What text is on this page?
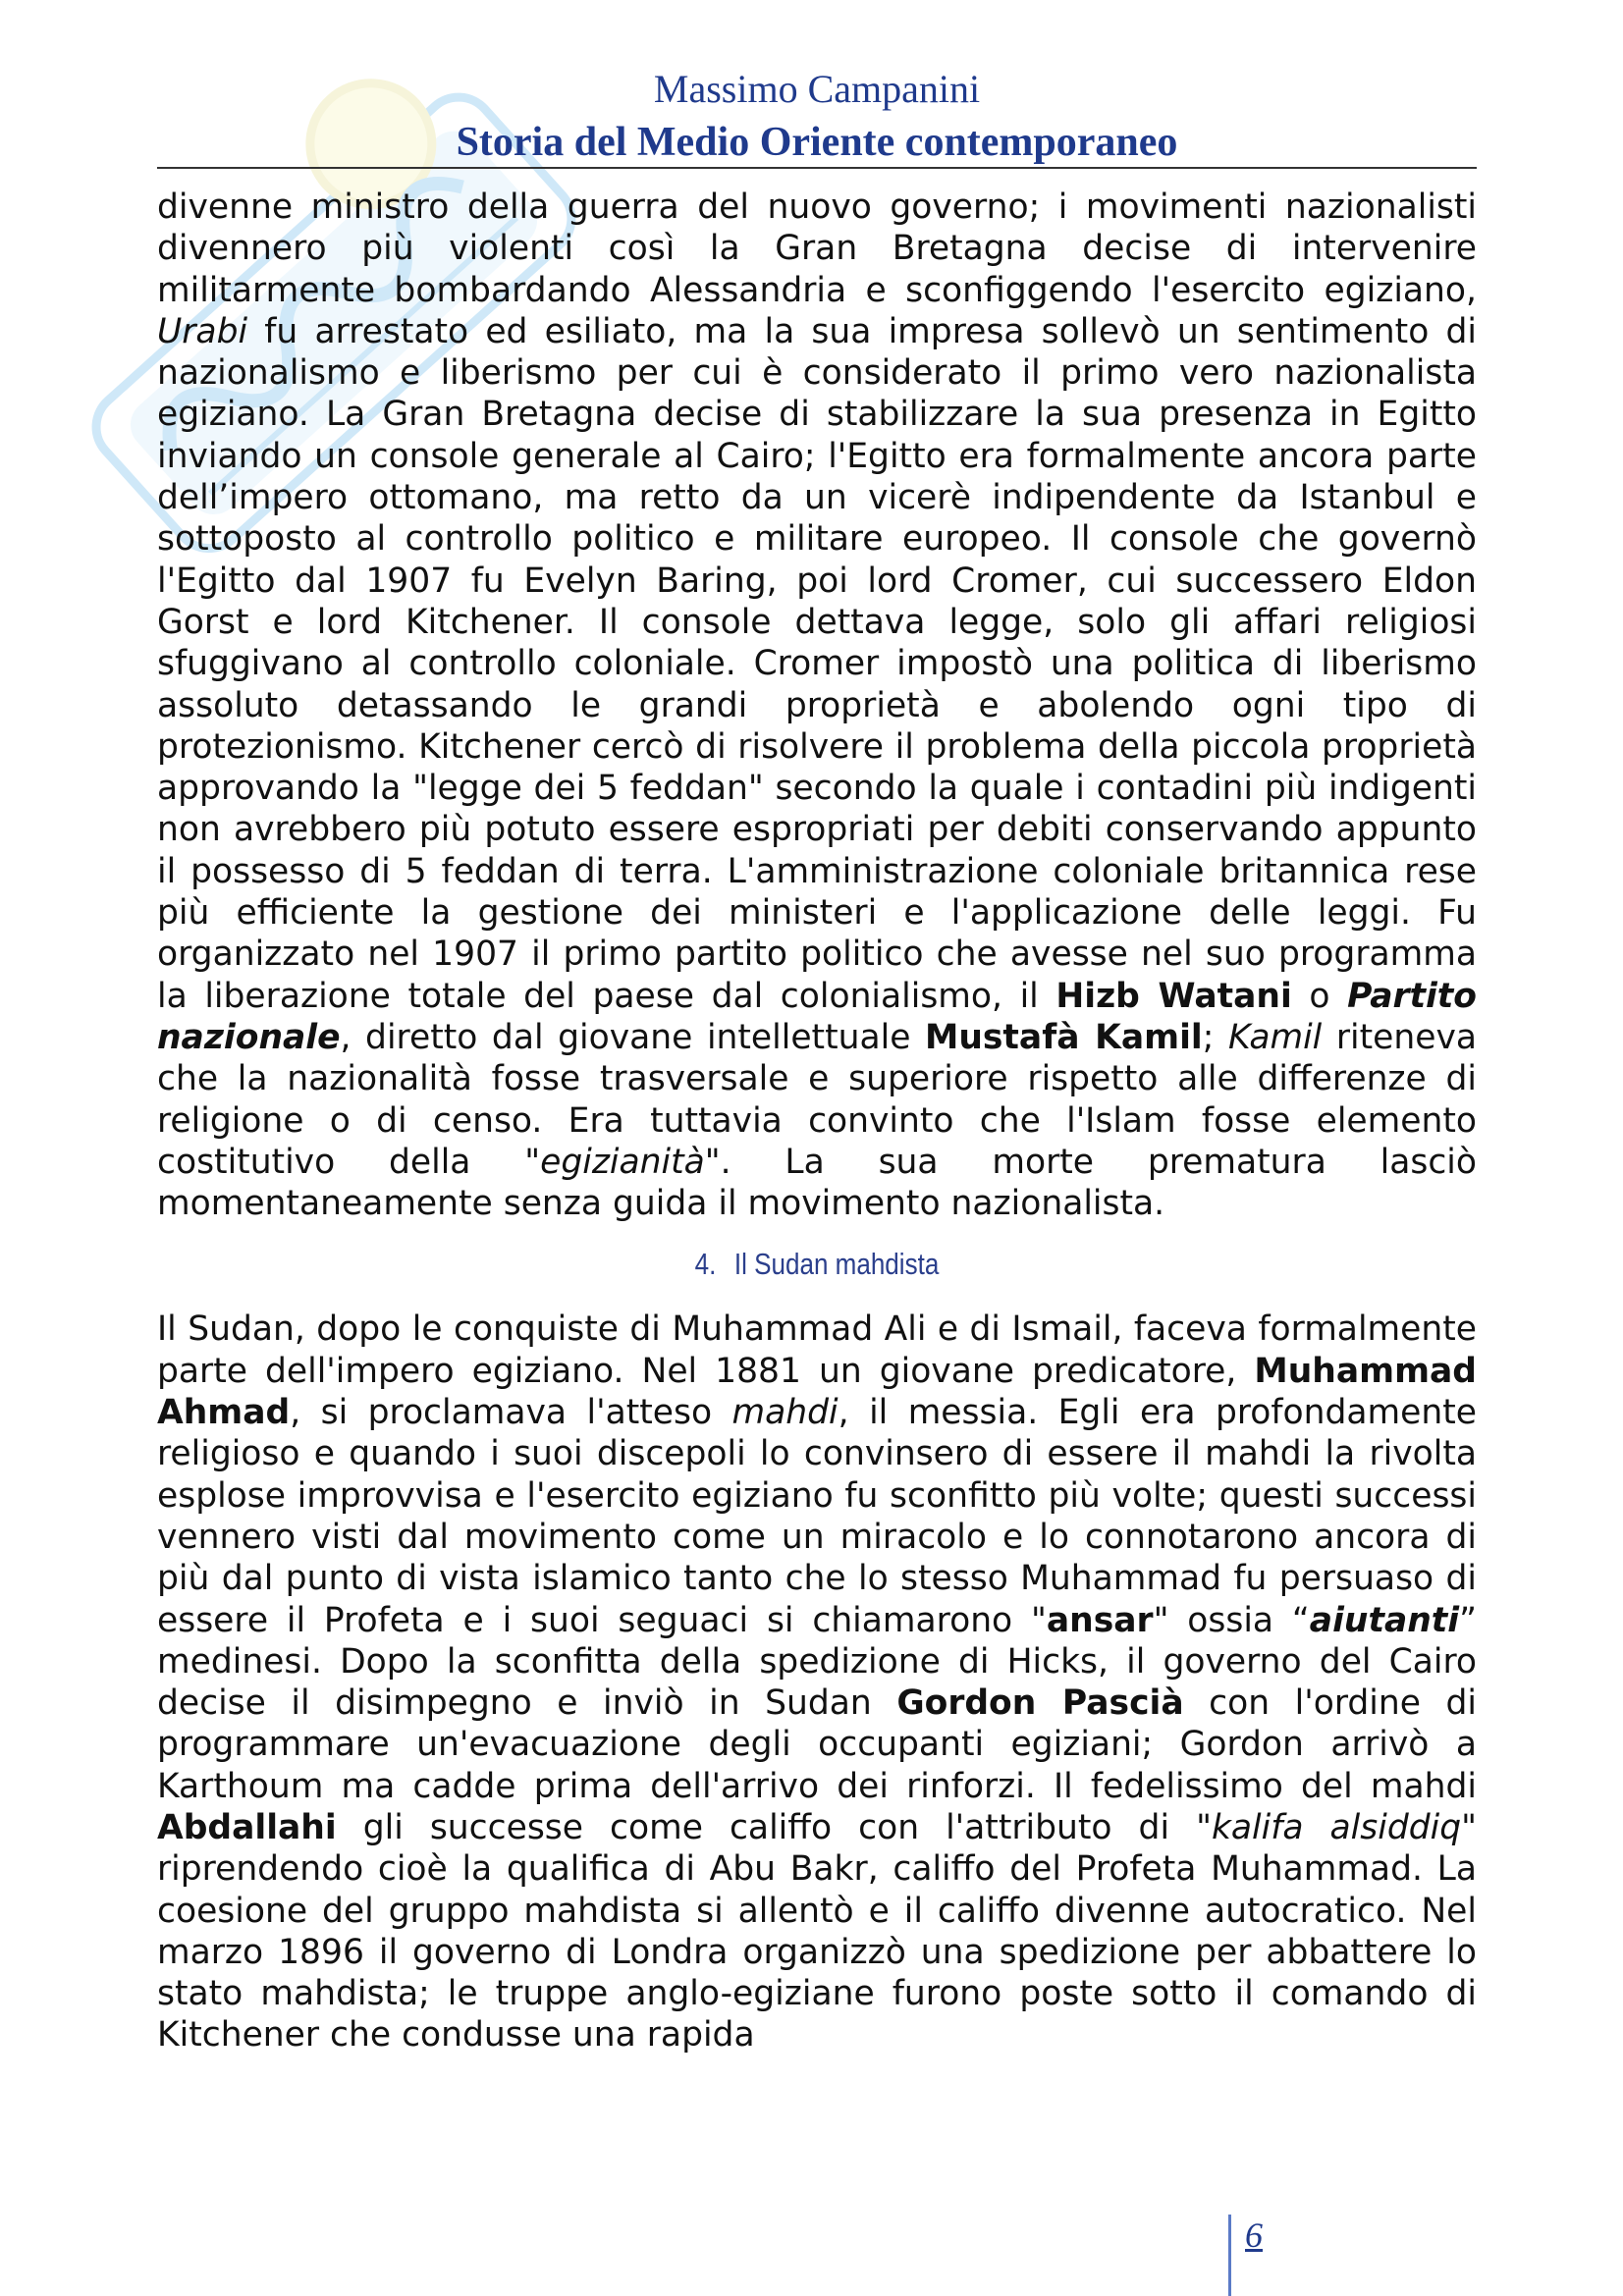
Massimo Campanini
Storia del Medio Oriente contemporaneo

divenne ministro della guerra del nuovo governo; i movimenti nazionalisti divennero più violenti così la Gran Bretagna decise di intervenire militarmente bombardando Alessandria e sconfiggendo l'esercito egiziano, Urabi fu arrestato ed esiliato, ma la sua impresa sollevò un sentimento di nazionalismo e liberismo per cui è considerato il primo vero nazionalista egiziano. La Gran Bretagna decise di stabilizzare la sua presenza in Egitto inviando un console generale al Cairo; l'Egitto era formalmente ancora parte dell’impero ottomano, ma retto da un vicerè indipendente da Istanbul e sottoposto al controllo politico e militare europeo. Il console che governò l'Egitto dal 1907 fu Evelyn Baring, poi lord Cromer, cui successero Eldon Gorst e lord Kitchener. Il console dettava legge, solo gli affari religiosi sfuggivano al controllo coloniale. Cromer impostò una politica di liberismo assoluto detassando le grandi proprietà e abolendo ogni tipo di protezionismo. Kitchener cercò di risolvere il problema della piccola proprietà approvando la "legge dei 5 feddan" secondo la quale i contadini più indigenti non avrebbero più potuto essere espropriati per debiti conservando appunto il possesso di 5 feddan di terra. L'amministrazione coloniale britannica rese più efficiente la gestione dei ministeri e l'applicazione delle leggi. Fu organizzato nel 1907 il primo partito politico che avesse nel suo programma la liberazione totale del paese dal colonialismo, il Hizb Watani o Partito nazionale, diretto dal giovane intellettuale Mustafà Kamil; Kamil riteneva che la nazionalità fosse trasversale e superiore rispetto alle differenze di religione o di censo. Era tuttavia convinto che l'Islam fosse elemento costitutivo della "egizianità". La sua morte prematura lasciò momentaneamente senza guida il movimento nazionalista.

4. Il Sudan mahdista

Il Sudan, dopo le conquiste di Muhammad Ali e di Ismail, faceva formalmente parte dell'impero egiziano. Nel 1881 un giovane predicatore, Muhammad Ahmad, si proclamava l'atteso mahdi, il messia. Egli era profondamente religioso e quando i suoi discepoli lo convinsero di essere il mahdi la rivolta esplose improvvisa e l'esercito egiziano fu sconfitto più volte; questi successi vennero visti dal movimento come un miracolo e lo connotarono ancora di più dal punto di vista islamico tanto che lo stesso Muhammad fu persuaso di essere il Profeta e i suoi seguaci si chiamarono "ansar" ossia “aiutanti” medinesi. Dopo la sconfitta della spedizione di Hicks, il governo del Cairo decise il disimpegno e inviò in Sudan Gordon Pascià con l'ordine di programmare un'evacuazione degli occupanti egiziani; Gordon arrivò a Karthoum ma cadde prima dell'arrivo dei rinforzi. Il fedelissimo del mahdi Abdallahi gli successe come califfo con l'attributo di "kalifa alsiddiq" riprendendo cioè la qualifica di Abu Bakr, califfo del Profeta Muhammad. La coesione del gruppo mahdista si allentò e il califfo divenne autocratico. Nel marzo 1896 il governo di Londra organizzò una spedizione per abbattere lo stato mahdista; le truppe anglo-egiziane furono poste sotto il comando di Kitchener che condusse una rapida

6
